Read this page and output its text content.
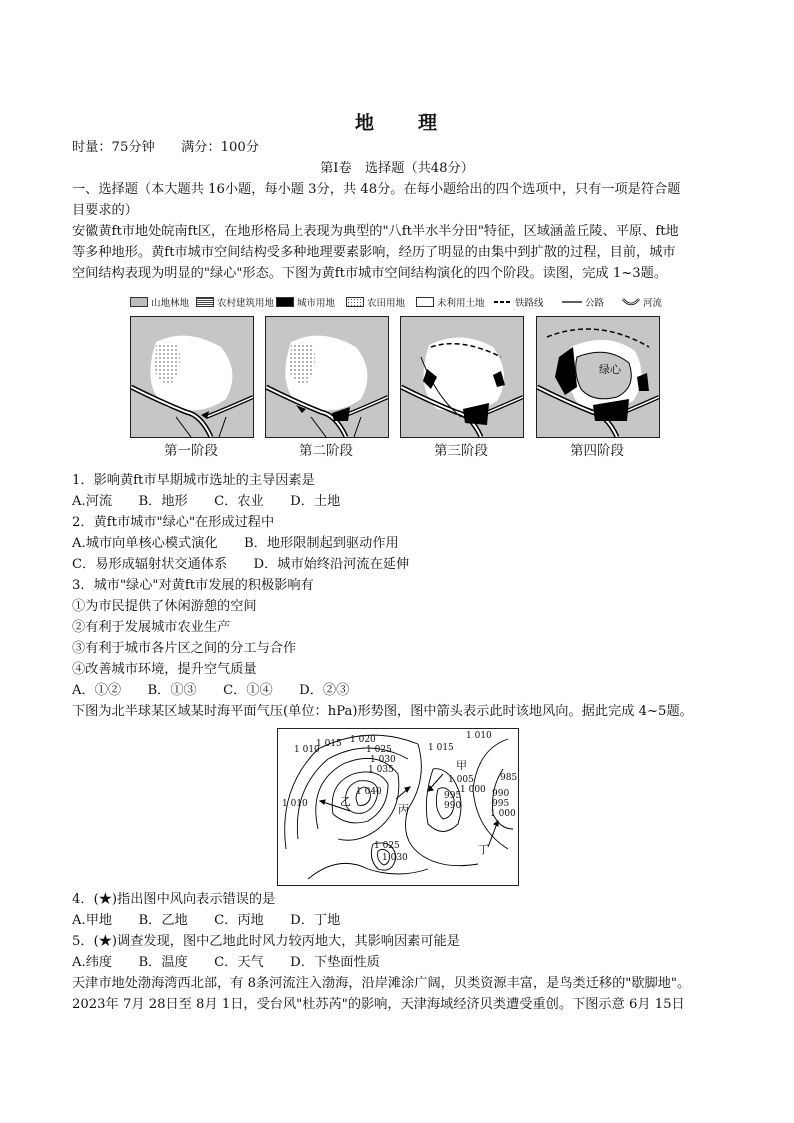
地　　理
时量：75分钟　　满分：100分
第Ⅰ卷　选择题（共48分）
一、选择题（本大题共 16小题，每小题 3分，共 48分。在每小题给出的四个选项中，只有一项是符合题
目要求的）
安徽黄ft市地处皖南ft区，在地形格局上表现为典型的"八ft半水半分田"特征，区域涵盖丘陵、平原、ft地
等多种地形。黄ft市城市空间结构受多种地理要素影响，经历了明显的由集中到扩散的过程，目前，城市
空间结构表现为明显的"绿心"形态。下图为黄ft市城市空间结构演化的四个阶段。读图，完成 1~3题。
山地林地	农村建筑用地 城市用地	农田用地	未利用土地	铁路线	公路	河流
绿心
第一阶段	第二阶段	第三阶段	第四阶段
1．影响黄ft市早期城市选址的主导因素是
A.河流　　B．地形　　C．农业　　D．土地
2．黄ft市城市"绿心"在形成过程中
A.城市向单核心模式演化　　B．地形限制起到驱动作用
C．易形成辐射状交通体系　　D．城市始终沿河流在延伸
3．城市"绿心"对黄ft市发展的积极影响有
①为市民提供了休闲游憩的空间
②有利于发展城市农业生产
③有利于城市各片区之间的分工与合作
④改善城市环境，提升空气质量
A．①②　　B．①③　　C．①④　　D．②③
下图为北半球某区域某时海平面气压(单位：hPa)形势图，图中箭头表示此时该地风向。据此完成 4~5题。
1 010
1 015 1 020
1 025
1 030
1 035
1 040
1 010
1 005
1 000
995
990
990
985
995
1 000
1 010
1 025
1 030
1 015
甲
乙
丙
丁
4．(★)指出图中风向表示错误的是
A.甲地　　B．乙地　　C．丙地　　D．丁地
5．(★)调查发现，图中乙地此时风力较丙地大，其影响因素可能是
A.纬度　　B．温度　　C．天气　　D．下垫面性质
天津市地处渤海湾西北部，有 8条河流注入渤海，沿岸滩涂广阔，贝类资源丰富，是鸟类迁移的"歇脚地"。
2023年 7月 28日至 8月 1日，受台风"杜苏芮"的影响，天津海域经济贝类遭受重创。下图示意 6月 15日
